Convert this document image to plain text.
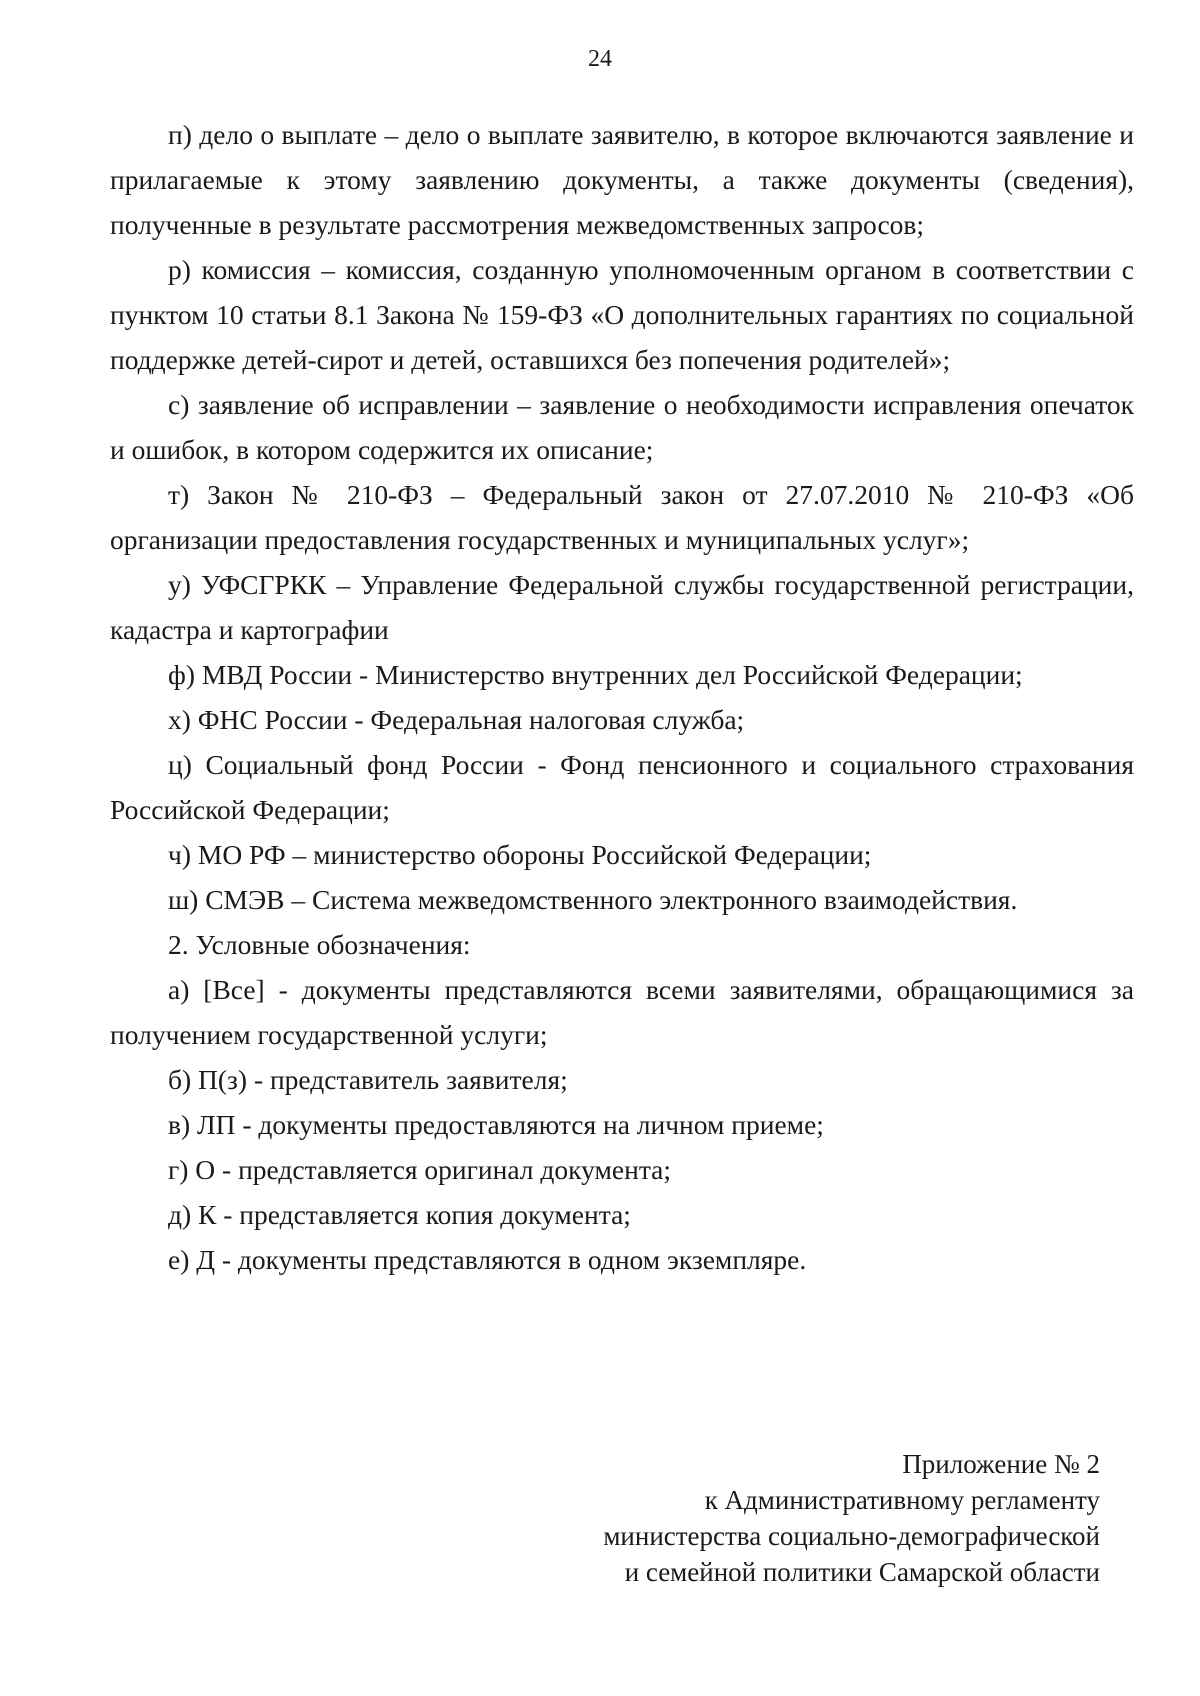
24

п) дело о выплате – дело о выплате заявителю, в которое включаются заявление и прилагаемые к этому заявлению документы, а также документы (сведения), полученные в результате рассмотрения межведомственных запросов;

р) комиссия – комиссия, созданную уполномоченным органом в соответствии с пунктом 10 статьи 8.1 Закона № 159-ФЗ «О дополнительных гарантиях по социальной поддержке детей-сирот и детей, оставшихся без попечения родителей»;

с) заявление об исправлении – заявление о необходимости исправления опечаток и ошибок, в котором содержится их описание;

т) Закон № 210-ФЗ – Федеральный закон от 27.07.2010 № 210-ФЗ «Об организации предоставления государственных и муниципальных услуг»;

у) УФСГРКК – Управление Федеральной службы государственной регистрации, кадастра и картографии

ф) МВД России - Министерство внутренних дел Российской Федерации;

х) ФНС России - Федеральная налоговая служба;

ц) Социальный фонд России - Фонд пенсионного и социального страхования Российской Федерации;

ч) МО РФ – министерство обороны Российской Федерации;

ш) СМЭВ – Система межведомственного электронного взаимодействия.

2. Условные обозначения:

а) [Все] - документы представляются всеми заявителями, обращающимися за получением государственной услуги;

б) П(з) - представитель заявителя;

в) ЛП - документы предоставляются на личном приеме;

г) О - представляется оригинал документа;

д) К - представляется копия документа;

е) Д - документы представляются в одном экземпляре.

Приложение № 2
к Административному регламенту
министерства социально-демографической
и семейной политики Самарской области
